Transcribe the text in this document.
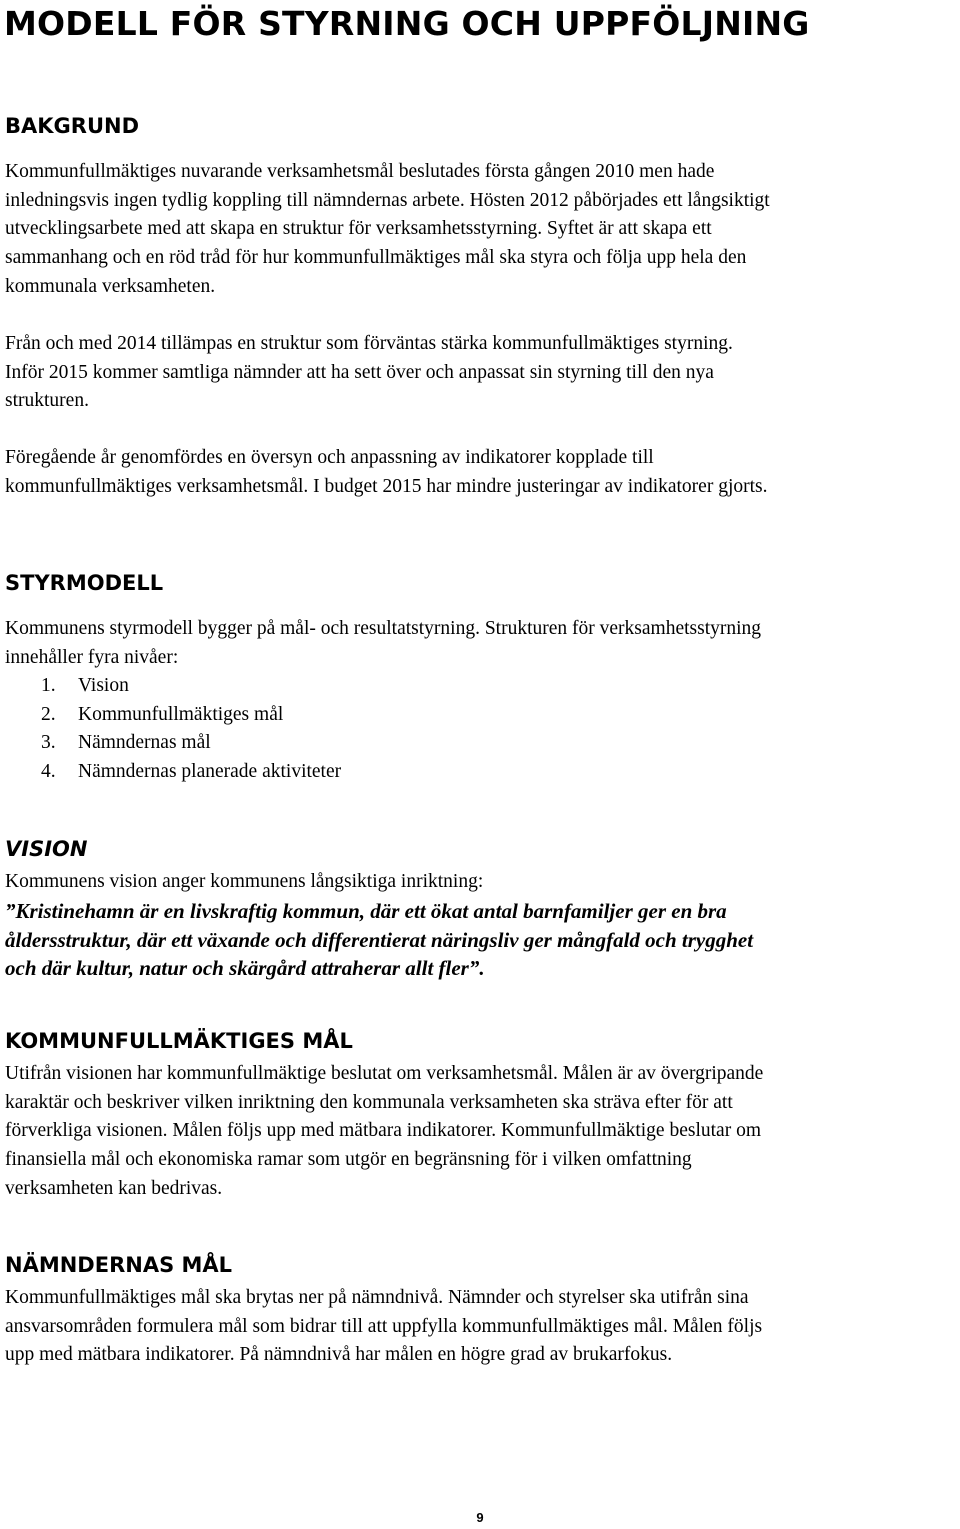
MODELL FÖR STYRNING OCH UPPFÖLJNING
BAKGRUND

Kommunfullmäktiges nuvarande verksamhetsmål beslutades första gången 2010 men hade
inledningsvis ingen tydlig koppling till nämndernas arbete. Hösten 2012 påbörjades ett långsiktigt
utvecklingsarbete med att skapa en struktur för verksamhetsstyrning. Syftet är att skapa ett
sammanhang och en röd tråd för hur kommunfullmäktiges mål ska styra och följa upp hela den
kommunala verksamheten.

Från och med 2014 tillämpas en struktur som förväntas stärka kommunfullmäktiges styrning.
Inför 2015 kommer samtliga nämnder att ha sett över och anpassat sin styrning till den nya
strukturen.

Föregående år genomfördes en översyn och anpassning av indikatorer kopplade till
kommunfullmäktiges verksamhetsmål. I budget 2015 har mindre justeringar av indikatorer gjorts.

STYRMODELL

Kommunens styrmodell bygger på mål- och resultatstyrning. Strukturen för verksamhetsstyrning
innehåller fyra nivåer:

1. Vision
2. Kommunfullmäktiges mål
3. Nämndernas mål
4. Nämndernas planerade aktiviteter
VISION

Kommunens vision anger kommunens långsiktiga inriktning:

”Kristinehamn är en livskraftig kommun, där ett ökat antal barnfamiljer ger en bra
åldersstruktur, där ett växande och differentierat näringsliv ger mångfald och trygghet
och där kultur, natur och skärgård attraherar allt fler”.

KOMMUNFULLMÄKTIGES MÅL

Utifrån visionen har kommunfullmäktige beslutat om verksamhetsmål. Målen är av övergripande
karaktär och beskriver vilken inriktning den kommunala verksamheten ska sträva efter för att
förverkliga visionen. Målen följs upp med mätbara indikatorer. Kommunfullmäktige beslutar om
finansiella mål och ekonomiska ramar som utgör en begränsning för i vilken omfattning
verksamheten kan bedrivas.

NÄMNDERNAS MÅL

Kommunfullmäktiges mål ska brytas ner på nämndnivå. Nämnder och styrelser ska utifrån sina
ansvarsområden formulera mål som bidrar till att uppfylla kommunfullmäktiges mål. Målen följs
upp med mätbara indikatorer. På nämndnivå har målen en högre grad av brukarfokus.

9
